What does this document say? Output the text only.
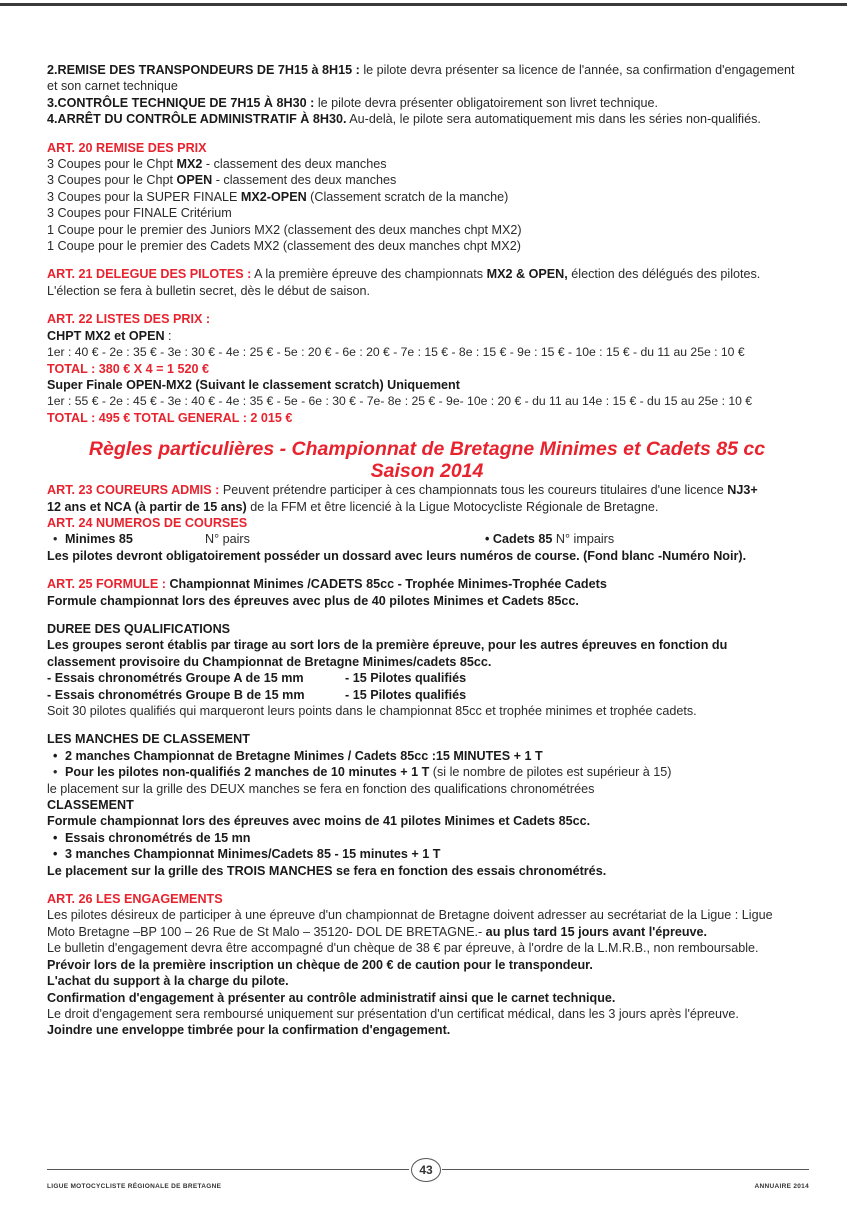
2.REMISE DES TRANSPONDEURS DE 7H15 à 8H15 : le pilote devra présenter sa licence de l'année, sa confirmation d'engagement

et son carnet technique

3.CONTRÔLE TECHNIQUE DE 7H15 À 8H30 : le pilote devra présenter obligatoirement son livret technique.

4.ARRÊT DU CONTRÔLE ADMINISTRATIF À 8H30. Au-delà, le pilote sera automatiquement mis dans les séries non-qualifiés.

ART. 20 REMISE DES PRIX

3 Coupes pour le Chpt MX2 - classement des deux manches

3 Coupes pour le Chpt OPEN - classement des deux manches

3 Coupes pour la SUPER FINALE MX2-OPEN (Classement scratch de la manche)

3 Coupes pour FINALE Critérium

1 Coupe pour le premier des Juniors MX2 (classement des deux manches chpt MX2)

1 Coupe pour le premier des Cadets MX2 (classement des deux manches chpt MX2)

ART. 21 DELEGUE DES PILOTES : A la première épreuve des championnats MX2 & OPEN, élection des délégués des pilotes.

L'élection se fera à bulletin secret, dès le début de saison.

ART. 22 LISTES DES PRIX :

CHPT MX2 et OPEN :

1er : 40 € - 2e : 35 € - 3e : 30 € - 4e : 25 € - 5e : 20 € - 6e : 20 € - 7e : 15 € - 8e : 15 € - 9e : 15 € - 10e : 15 € - du 11 au 25e : 10 €

TOTAL : 380 € X 4 = 1 520 €

Super Finale OPEN-MX2 (Suivant le classement scratch) Uniquement

1er : 55 € - 2e : 45 € - 3e : 40 € - 4e : 35 € - 5e - 6e : 30 € - 7e- 8e : 25 € - 9e- 10e : 20 € - du 11 au 14e : 15 € - du 15 au 25e : 10 €

TOTAL : 495 € TOTAL GENERAL : 2 015 €

Règles particulières - Championnat de Bretagne Minimes et Cadets 85 cc
Saison 2014

ART. 23 COUREURS ADMIS : Peuvent prétendre participer à ces championnats tous les coureurs titulaires d'une licence NJ3+

12 ans et NCA (à partir de 15 ans) de la FFM et être licencié à la Ligue Motocycliste Régionale de Bretagne.

ART. 24 NUMEROS DE COURSES

• Minimes 85	N° pairs	• Cadets 85 N° impairs

Les pilotes devront obligatoirement posséder un dossard avec leurs numéros de course. (Fond blanc -Numéro Noir).

ART. 25 FORMULE : Championnat Minimes /CADETS 85cc - Trophée Minimes-Trophée Cadets

Formule championnat lors des épreuves avec plus de 40 pilotes Minimes et Cadets 85cc.

DUREE DES QUALIFICATIONS

Les groupes seront établis par tirage au sort lors de la première épreuve, pour les autres épreuves en fonction du

classement provisoire du Championnat de Bretagne Minimes/cadets 85cc.

- Essais chronométrés Groupe A de 15 mm	- 15 Pilotes qualifiés

- Essais chronométrés Groupe B de 15 mm	- 15 Pilotes qualifiés

Soit 30 pilotes qualifiés qui marqueront leurs points dans le championnat 85cc et trophée minimes et trophée cadets.

LES MANCHES DE CLASSEMENT

• 2 manches Championnat de Bretagne Minimes / Cadets 85cc :15 MINUTES + 1 T

• Pour les pilotes non-qualifiés 2 manches de 10 minutes + 1 T (si le nombre de pilotes est supérieur à 15)

le placement sur la grille des DEUX manches se fera en fonction des qualifications chronométrées

CLASSEMENT

Formule championnat lors des épreuves avec moins de 41 pilotes Minimes et Cadets 85cc.

• Essais chronométrés de 15 mn

• 3 manches Championnat Minimes/Cadets 85 - 15 minutes + 1 T

Le placement sur la grille des TROIS MANCHES se fera en fonction des essais chronométrés.

ART. 26 LES ENGAGEMENTS

Les pilotes désireux de participer à une épreuve d'un championnat de Bretagne doivent adresser au secrétariat de la Ligue : Ligue

Moto Bretagne –BP 100 – 26 Rue de St Malo – 35120- DOL DE BRETAGNE.- au plus tard 15 jours avant l'épreuve.

Le bulletin d'engagement devra être accompagné d'un chèque de 38 € par épreuve, à l'ordre de la L.M.R.B., non remboursable.

Prévoir lors de la première inscription un chèque de 200 € de caution pour le transpondeur.

L'achat du support à la charge du pilote.

Confirmation d'engagement à présenter au contrôle administratif ainsi que le carnet technique.

Le droit d'engagement sera remboursé uniquement sur présentation d'un certificat médical, dans les 3 jours après l'épreuve.

Joindre une enveloppe timbrée pour la confirmation d'engagement.

LIGUE MOTOCYCLISTE RÉGIONALE DE BRETAGNE
43
ANNUAIRE 2014
